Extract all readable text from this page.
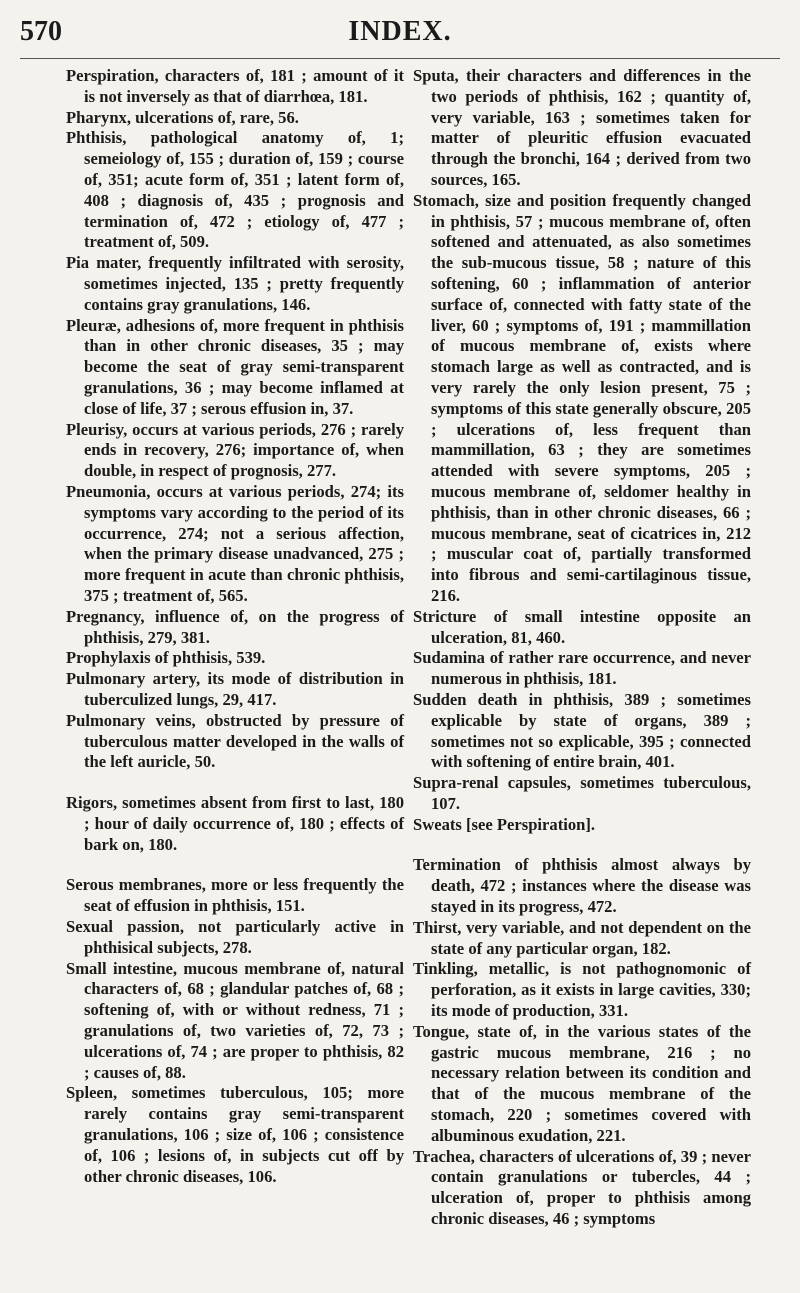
570	INDEX.

Perspiration, characters of, 181 ; amount of it is not inversely as that of diarrhœa, 181.

Pharynx, ulcerations of, rare, 56.

Phthisis, pathological anatomy of, 1; semeiology of, 155 ; duration of, 159 ; course of, 351; acute form of, 351 ; latent form of, 408 ; diagnosis of, 435 ; prognosis and termination of, 472 ; etiology of, 477 ; treatment of, 509.

Pia mater, frequently infiltrated with serosity, sometimes injected, 135 ; pretty frequently contains gray granulations, 146.

Pleuræ, adhesions of, more frequent in phthisis than in other chronic diseases, 35 ; may become the seat of gray semi-transparent granulations, 36 ; may become inflamed at close of life, 37 ; serous effusion in, 37.

Pleurisy, occurs at various periods, 276 ; rarely ends in recovery, 276; importance of, when double, in respect of prognosis, 277.

Pneumonia, occurs at various periods, 274; its symptoms vary according to the period of its occurrence, 274; not a serious affection, when the primary disease unadvanced, 275 ; more frequent in acute than chronic phthisis, 375 ; treatment of, 565.

Pregnancy, influence of, on the progress of phthisis, 279, 381.

Prophylaxis of phthisis, 539.

Pulmonary artery, its mode of distribution in tuberculized lungs, 29, 417.

Pulmonary veins, obstructed by pressure of tuberculous matter developed in the walls of the left auricle, 50.

Rigors, sometimes absent from first to last, 180 ; hour of daily occurrence of, 180 ; effects of bark on, 180.

Serous membranes, more or less frequently the seat of effusion in phthisis, 151.

Sexual passion, not particularly active in phthisical subjects, 278.

Small intestine, mucous membrane of, natural characters of, 68 ; glandular patches of, 68 ; softening of, with or without redness, 71 ; granulations of, two varieties of, 72, 73 ; ulcerations of, 74 ; are proper to phthisis, 82 ; causes of, 88.

Spleen, sometimes tuberculous, 105; more rarely contains gray semi-transparent granulations, 106 ; size of, 106 ; consistence of, 106 ; lesions of, in subjects cut off by other chronic diseases, 106.

Sputa, their characters and differences in the two periods of phthisis, 162 ; quantity of, very variable, 163 ; sometimes taken for matter of pleuritic effusion evacuated through the bronchi, 164 ; derived from two sources, 165.

Stomach, size and position frequently changed in phthisis, 57 ; mucous membrane of, often softened and attenuated, as also sometimes the sub-mucous tissue, 58 ; nature of this softening, 60 ; inflammation of anterior surface of, connected with fatty state of the liver, 60 ; symptoms of, 191 ; mammillation of mucous membrane of, exists where stomach large as well as contracted, and is very rarely the only lesion present, 75 ; symptoms of this state generally obscure, 205 ; ulcerations of, less frequent than mammillation, 63 ; they are sometimes attended with severe symptoms, 205 ; mucous membrane of, seldomer healthy in phthisis, than in other chronic diseases, 66 ; mucous membrane, seat of cicatrices in, 212 ; muscular coat of, partially transformed into fibrous and semi-cartilaginous tissue, 216.

Stricture of small intestine opposite an ulceration, 81, 460.

Sudamina of rather rare occurrence, and never numerous in phthisis, 181.

Sudden death in phthisis, 389 ; sometimes explicable by state of organs, 389 ; sometimes not so explicable, 395 ; connected with softening of entire brain, 401.

Supra-renal capsules, sometimes tuberculous, 107.

Sweats [see Perspiration].

Termination of phthisis almost always by death, 472 ; instances where the disease was stayed in its progress, 472.

Thirst, very variable, and not dependent on the state of any particular organ, 182.

Tinkling, metallic, is not pathognomonic of perforation, as it exists in large cavities, 330; its mode of production, 331.

Tongue, state of, in the various states of the gastric mucous membrane, 216 ; no necessary relation between its condition and that of the mucous membrane of the stomach, 220 ; sometimes covered with albuminous exudation, 221.

Trachea, characters of ulcerations of, 39 ; never contain granulations or tubercles, 44 ; ulceration of, proper to phthisis among chronic diseases, 46 ; symptoms
